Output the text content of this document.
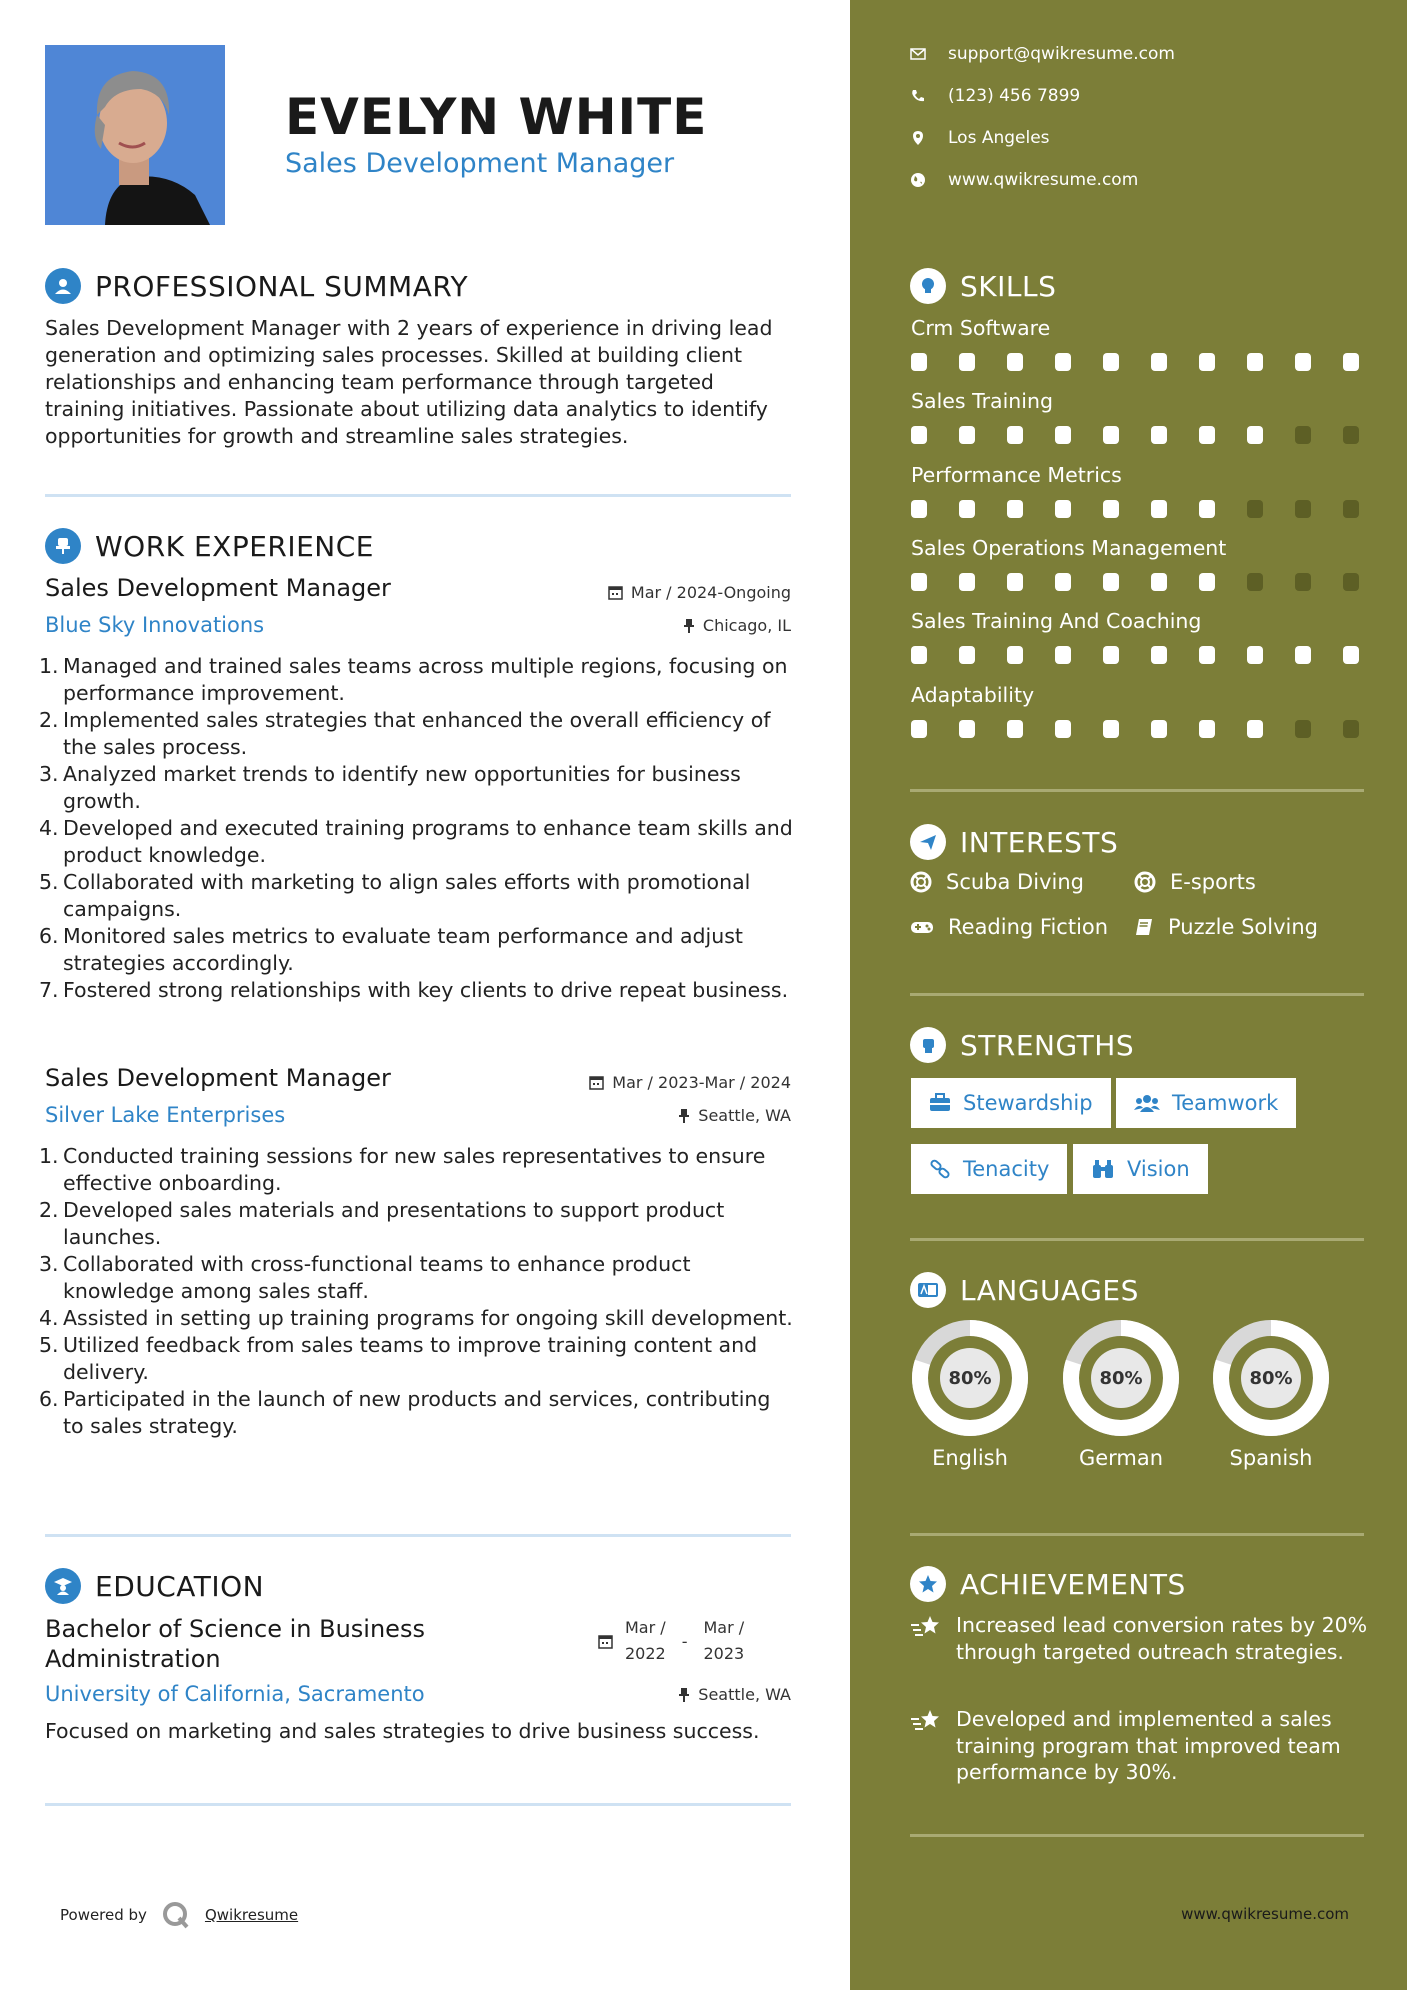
EVELYN WHITE
Sales Development Manager
PROFESSIONAL SUMMARY
Sales Development Manager with 2 years of experience in driving lead generation and optimizing sales processes. Skilled at building client relationships and enhancing team performance through targeted training initiatives. Passionate about utilizing data analytics to identify opportunities for growth and streamline sales strategies.
WORK EXPERIENCE
Sales Development Manager	Mar / 2024-Ongoing
Blue Sky Innovations	Chicago, IL
Managed and trained sales teams across multiple regions, focusing on performance improvement.
Implemented sales strategies that enhanced the overall efficiency of the sales process.
Analyzed market trends to identify new opportunities for business growth.
Developed and executed training programs to enhance team skills and product knowledge.
Collaborated with marketing to align sales efforts with promotional campaigns.
Monitored sales metrics to evaluate team performance and adjust strategies accordingly.
Fostered strong relationships with key clients to drive repeat business.
Sales Development Manager	Mar / 2023-Mar / 2024
Silver Lake Enterprises	Seattle, WA
Conducted training sessions for new sales representatives to ensure effective onboarding.
Developed sales materials and presentations to support product launches.
Collaborated with cross-functional teams to enhance product knowledge among sales staff.
Assisted in setting up training programs for ongoing skill development.
Utilized feedback from sales teams to improve training content and delivery.
Participated in the launch of new products and services, contributing to sales strategy.
EDUCATION
Bachelor of Science in Business
Administration
Mar /
2022
-
Mar /
2023
University of California, Sacramento	Seattle, WA
Focused on marketing and sales strategies to drive business success.
Powered by	Qwikresume
support@qwikresume.com
(123) 456 7899
Los Angeles
www.qwikresume.com
SKILLS
Crm Software
Sales Training
Performance Metrics
Sales Operations Management
Sales Training And Coaching
Adaptability
INTERESTS
Scuba Diving	E-sports
Reading Fiction	Puzzle Solving
STRENGTHS
Stewardship	Teamwork
Tenacity	Vision
LANGUAGES
80%
English
80%
German
80%
Spanish
ACHIEVEMENTS
Increased lead conversion rates by 20% through targeted outreach strategies.
Developed and implemented a sales training program that improved team performance by 30%.
www.qwikresume.com
